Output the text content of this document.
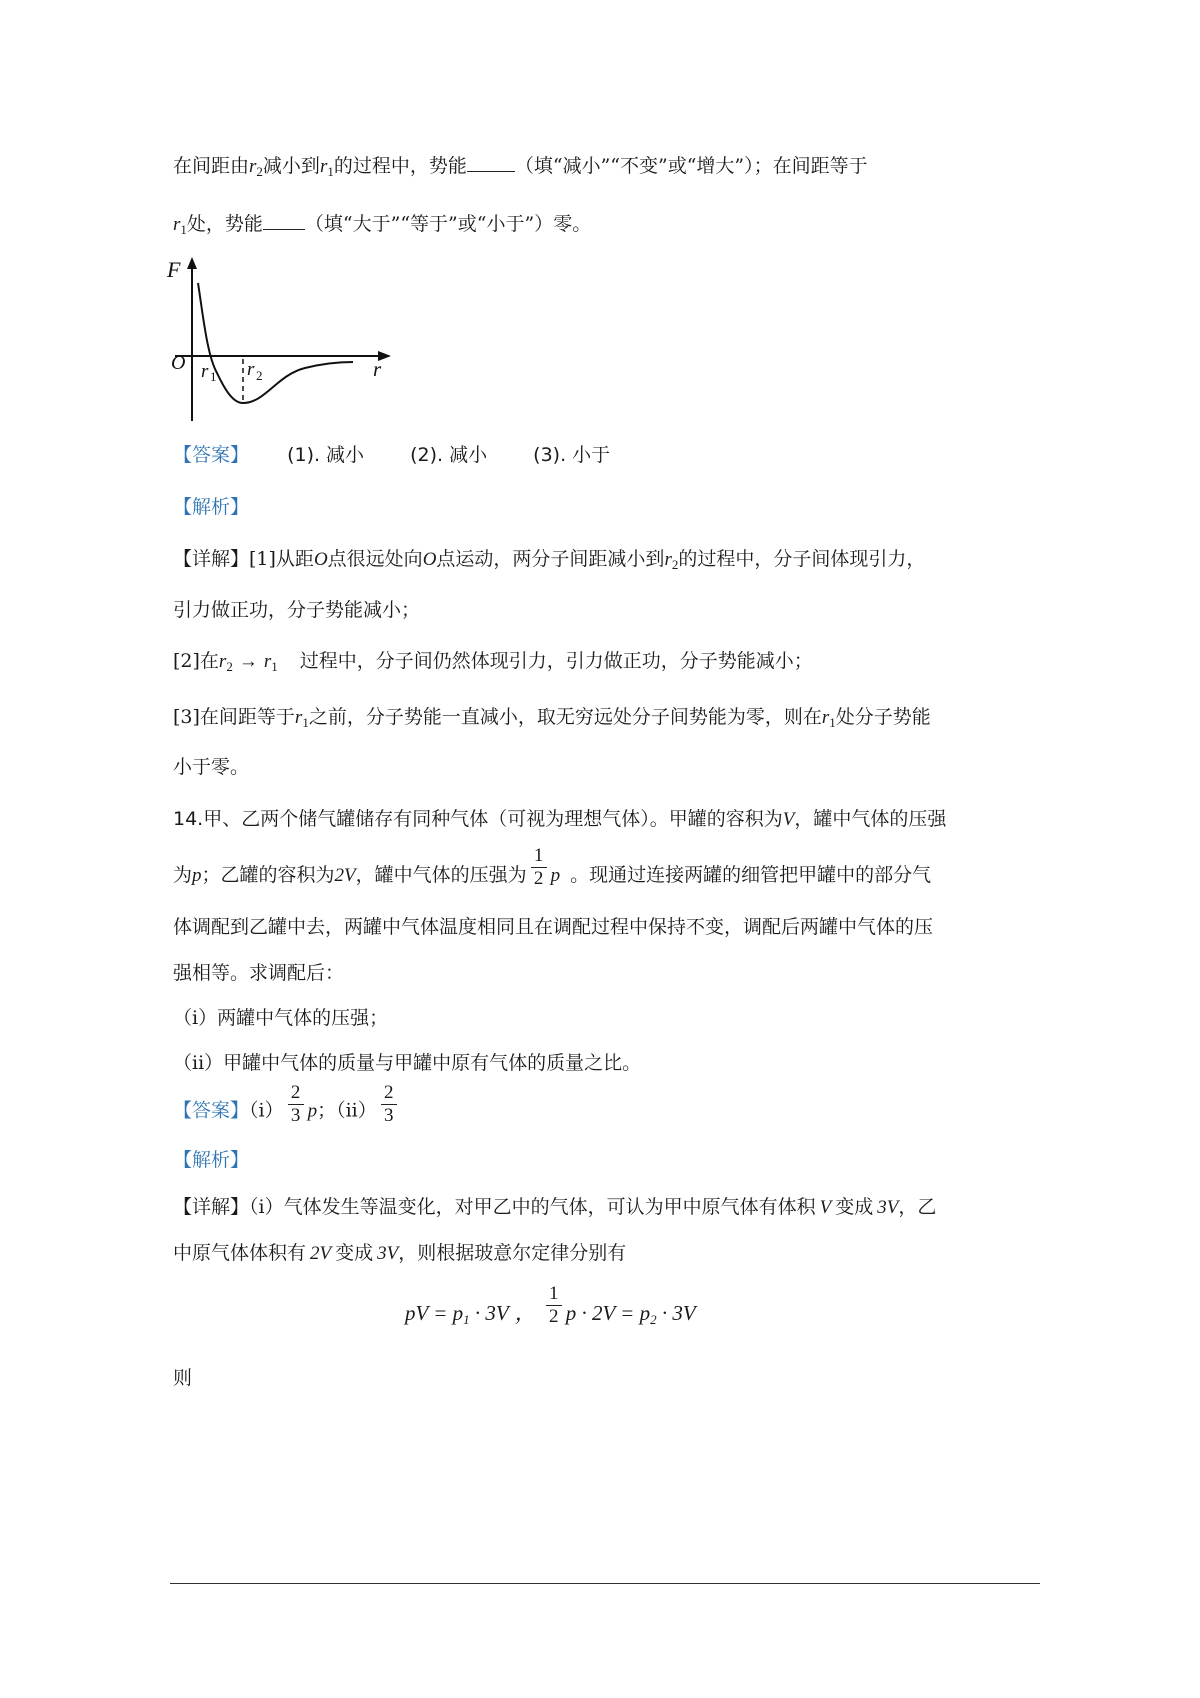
在间距由$r_2$减小到$r_1$的过程中，势能	（填“减小”“不变”或“增大”）；在间距等于
$r_1$处，势能 （填“大于”“等于”或“小于”）零。
F
O r 1 r 2	r
【答案】 (1). 减小 (2). 减小 (3). 小于
【解析】
【详解】[1]从距O点很远处向O点运动，两分子间距减小到$r_2$的过程中，分子间体现引力，
引力做正功，分子势能减小；
[2]在$r_2 \to r_1$ 过程中，分子间仍然体现引力，引力做正功，分子势能减小；
[3]在间距等于$r_1$之前，分子势能一直减小，取无穷远处分子间势能为零，则在$r_1$处分子势能
小于零。
14.甲、乙两个储气罐储存有同种气体（可视为理想气体）。甲罐的容积为V，罐中气体的压强
为p；乙罐的容积为2V，罐中气体的压强为 $\frac{1}{2}$ p 。现通过连接两罐的细管把甲罐中的部分气
体调配到乙罐中去，两罐中气体温度相同且在调配过程中保持不变，调配后两罐中气体的压
强相等。求调配后：
（i）两罐中气体的压强；
（ii）甲罐中气体的质量与甲罐中原有气体的质量之比。
【答案】$(i) \frac{2}{3}$ p；$(ii) \frac{2}{3}$
【解析】
【详解】（i）气体发生等温变化，对甲乙中的气体，可认为甲中原气体有体积 V 变成 3V，乙
中原气体体积有 2V 变成 3V，则根据玻意尔定律分别有
pV = $p_1 \cdot 3V$ ， $\frac{1}{2}$ $p \cdot 2V = p_2 \cdot 3V$
则
